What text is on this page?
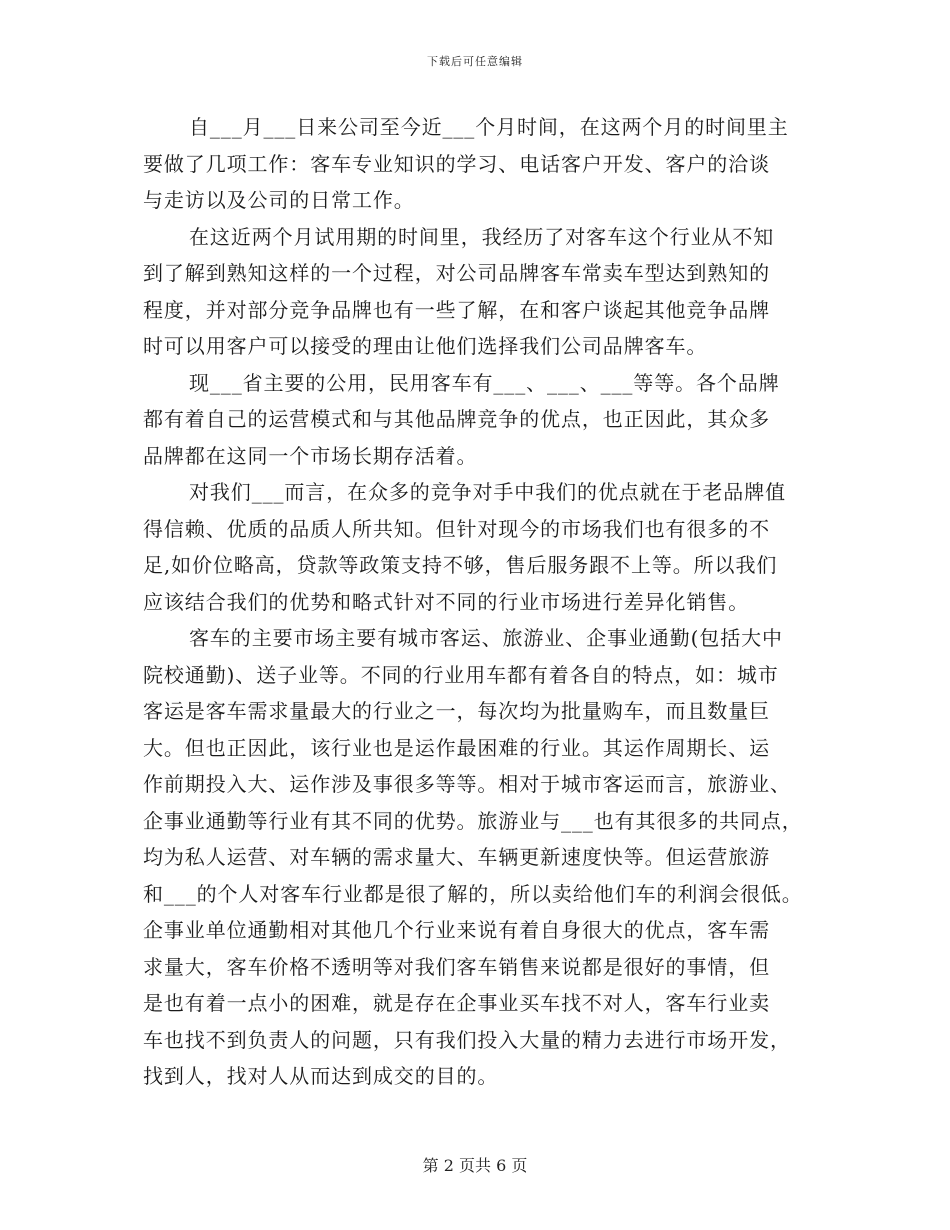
下载后可任意编辑
自___月___日来公司至今近___个月时间，在这两个月的时间里主
要做了几项工作：客车专业知识的学习、电话客户开发、客户的洽谈
与走访以及公司的日常工作。
在这近两个月试用期的时间里，我经历了对客车这个行业从不知
到了解到熟知这样的一个过程，对公司品牌客车常卖车型达到熟知的
程度，并对部分竞争品牌也有一些了解，在和客户谈起其他竞争品牌
时可以用客户可以接受的理由让他们选择我们公司品牌客车。
现___省主要的公用，民用客车有___、___、___等等。各个品牌
都有着自己的运营模式和与其他品牌竞争的优点，也正因此，其众多
品牌都在这同一个市场长期存活着。
对我们___而言，在众多的竞争对手中我们的优点就在于老品牌值
得信赖、优质的品质人所共知。但针对现今的市场我们也有很多的不
足,如价位略高，贷款等政策支持不够，售后服务跟不上等。所以我们
应该结合我们的优势和略式针对不同的行业市场进行差异化销售。
客车的主要市场主要有城市客运、旅游业、企事业通勤(包括大中
院校通勤)、送子业等。不同的行业用车都有着各自的特点，如：城市
客运是客车需求量最大的行业之一，每次均为批量购车，而且数量巨
大。但也正因此，该行业也是运作最困难的行业。其运作周期长、运
作前期投入大、运作涉及事很多等等。相对于城市客运而言，旅游业、
企事业通勤等行业有其不同的优势。旅游业与___也有其很多的共同点，
均为私人运营、对车辆的需求量大、车辆更新速度快等。但运营旅游
和___的个人对客车行业都是很了解的，所以卖给他们车的利润会很低。
企事业单位通勤相对其他几个行业来说有着自身很大的优点，客车需
求量大，客车价格不透明等对我们客车销售来说都是很好的事情，但
是也有着一点小的困难，就是存在企事业买车找不对人，客车行业卖
车也找不到负责人的问题，只有我们投入大量的精力去进行市场开发，
找到人，找对人从而达到成交的目的。
第 2 页共 6 页
